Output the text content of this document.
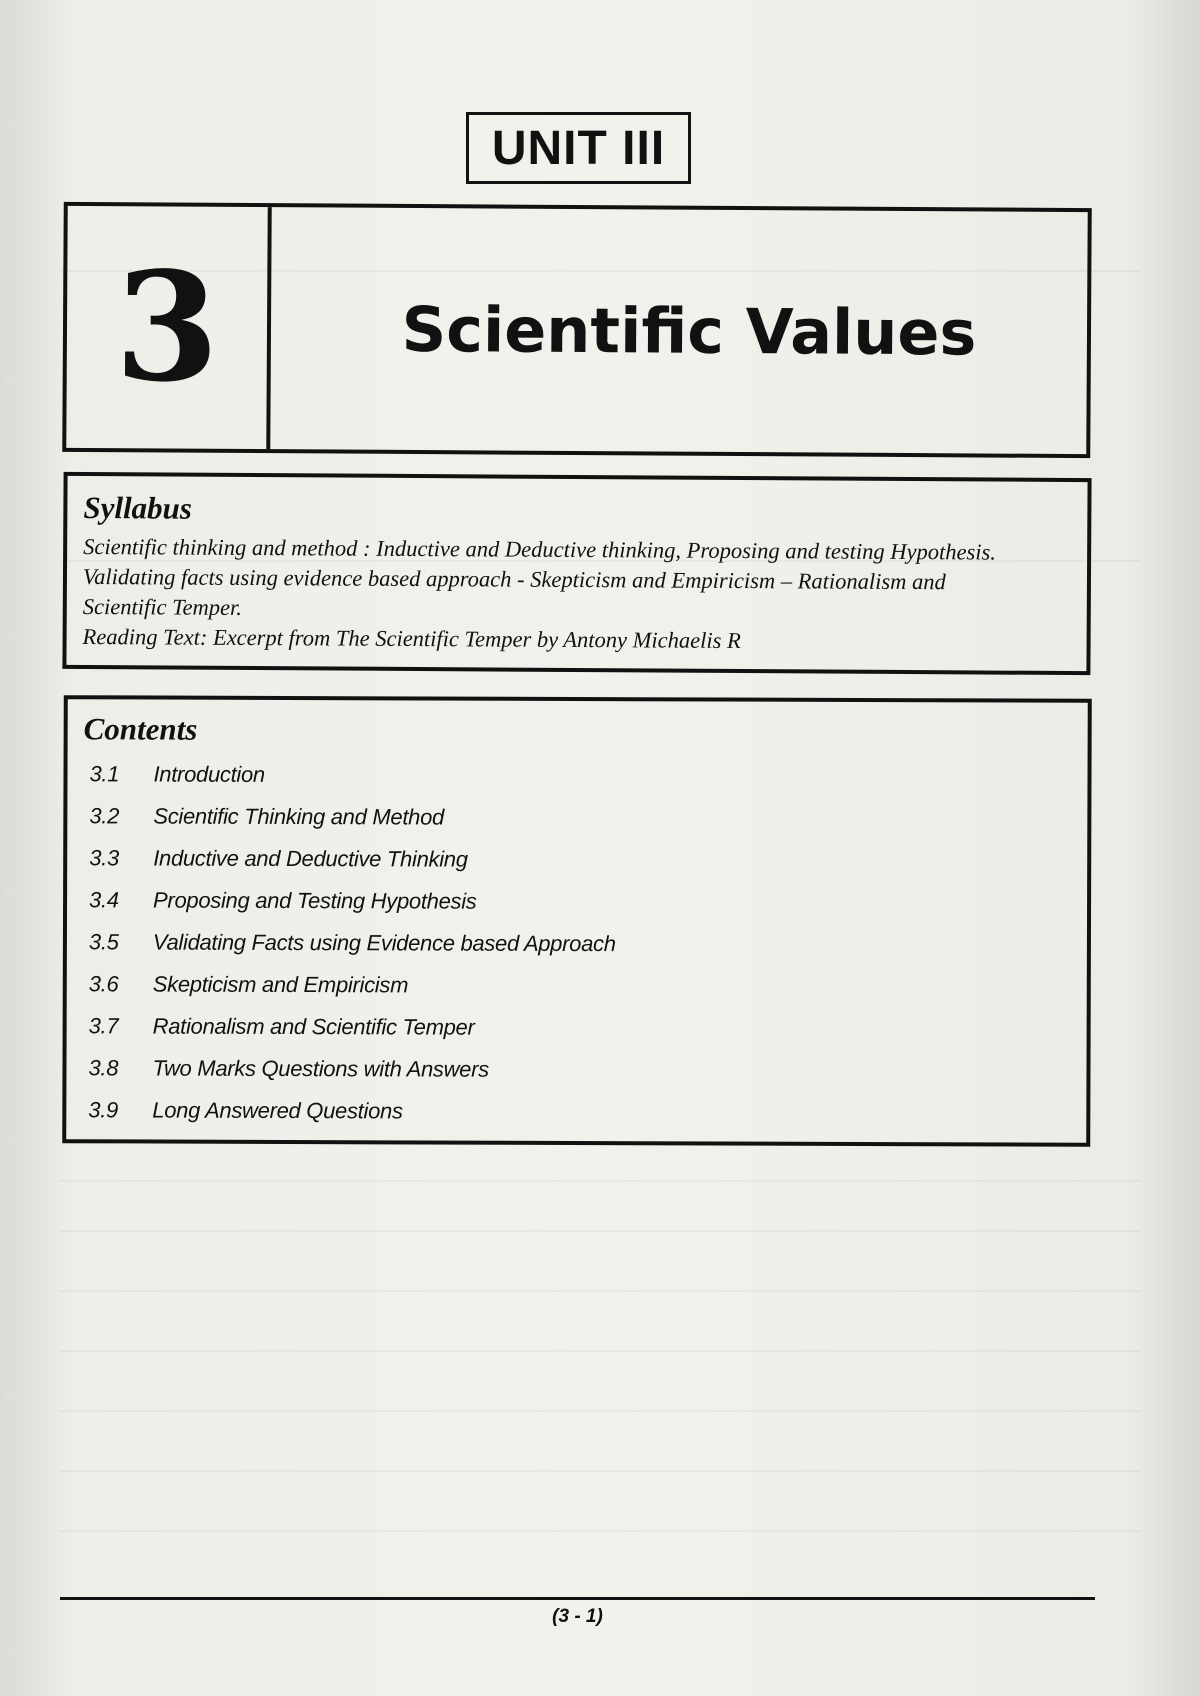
UNIT III
3	Scientific Values
Syllabus

Scientific thinking and method : Inductive and Deductive thinking, Proposing and testing Hypothesis.

Validating facts using evidence based approach - Skepticism and Empiricism – Rationalism and

Scientific Temper.

Reading Text: Excerpt from The Scientific Temper by Antony Michaelis R

Contents
3.1	Introduction
3.2	Scientific Thinking and Method
3.3	Inductive and Deductive Thinking
3.4	Proposing and Testing Hypothesis
3.5	Validating Facts using Evidence based Approach
3.6	Skepticism and Empiricism
3.7	Rationalism and Scientific Temper
3.8	Two Marks Questions with Answers
3.9	Long Answered Questions
(3 - 1)
